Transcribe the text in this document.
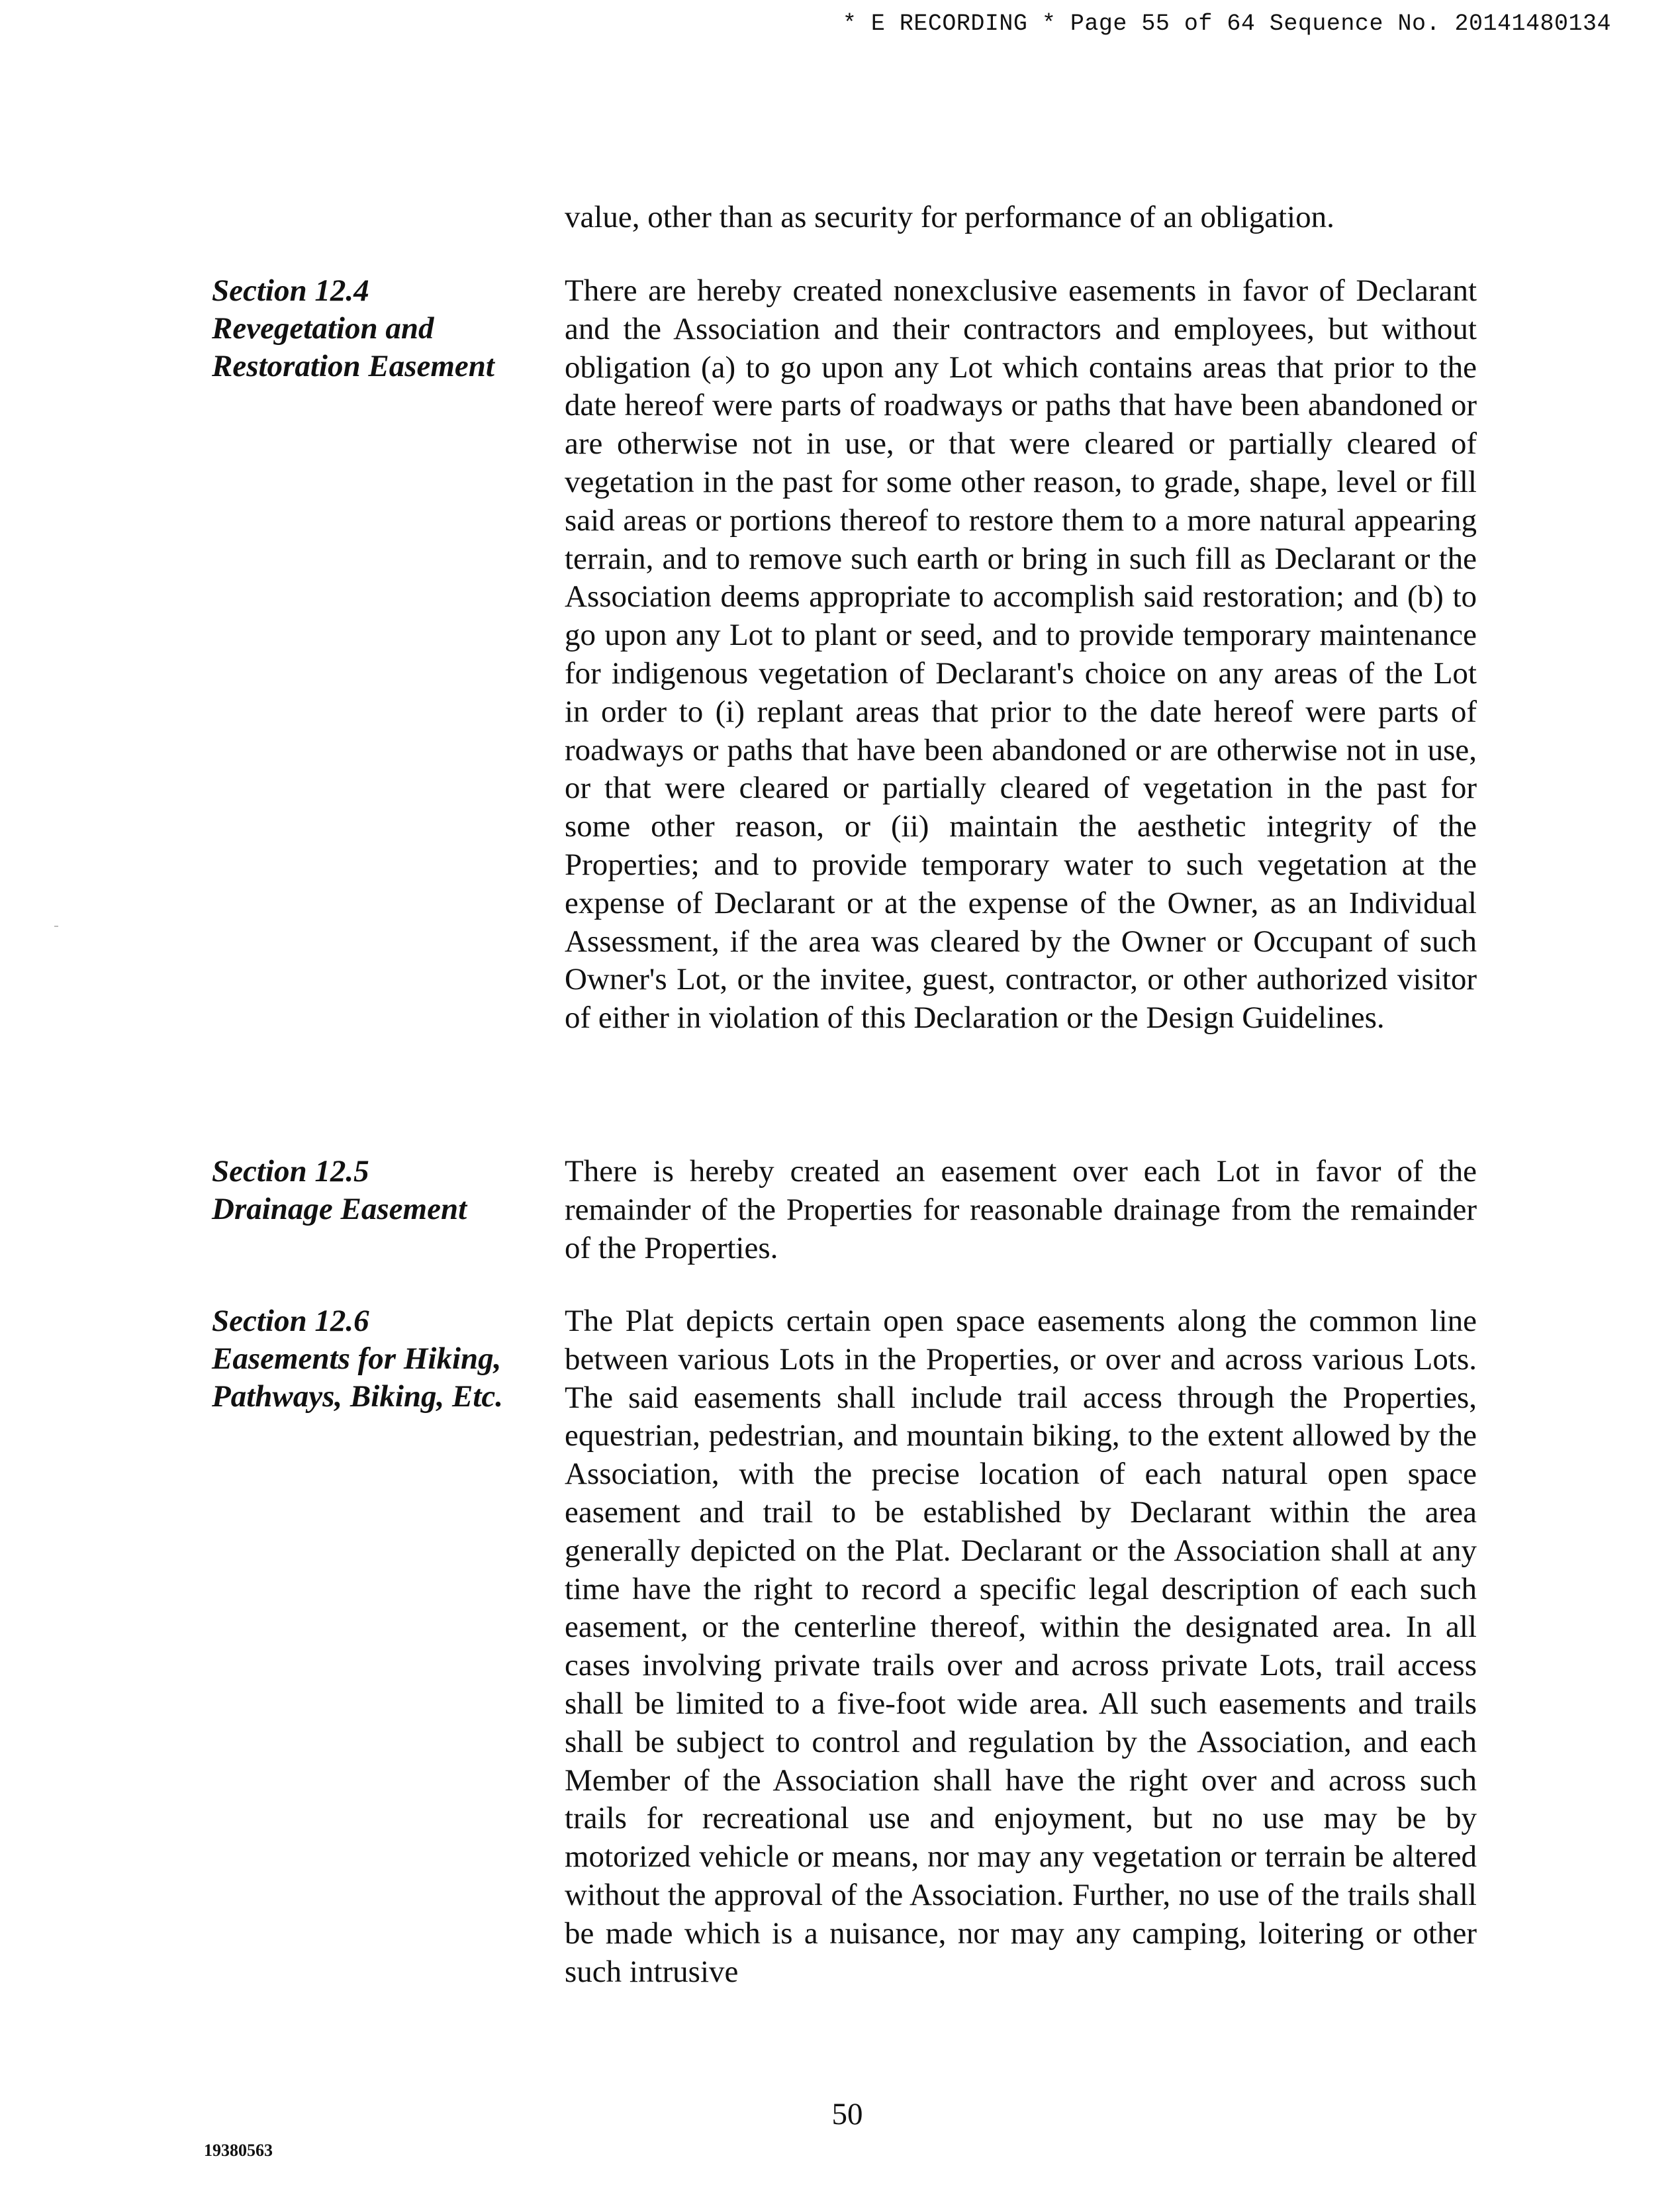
* E RECORDING * Page 55 of 64 Sequence No. 20141480134
value, other than as security for performance of an obligation.
Section 12.4
Revegetation and
Restoration Easement
There are hereby created nonexclusive easements in favor of Declarant and the Association and their contractors and employees, but without obligation (a) to go upon any Lot which contains areas that prior to the date hereof were parts of roadways or paths that have been abandoned or are otherwise not in use, or that were cleared or partially cleared of vegetation in the past for some other reason, to grade, shape, level or fill said areas or portions thereof to restore them to a more natural appearing terrain, and to remove such earth or bring in such fill as Declarant or the Association deems appropriate to accomplish said restoration; and (b) to go upon any Lot to plant or seed, and to provide temporary maintenance for indigenous vegetation of Declarant's choice on any areas of the Lot in order to (i) replant areas that prior to the date hereof were parts of roadways or paths that have been abandoned or are otherwise not in use, or that were cleared or partially cleared of vegetation in the past for some other reason, or (ii) maintain the aesthetic integrity of the Properties; and to provide temporary water to such vegetation at the expense of Declarant or at the expense of the Owner, as an Individual Assessment, if the area was cleared by the Owner or Occupant of such Owner's Lot, or the invitee, guest, contractor, or other authorized visitor of either in violation of this Declaration or the Design Guidelines.
Section 12.5
Drainage Easement
There is hereby created an easement over each Lot in favor of the remainder of the Properties for reasonable drainage from the remainder of the Properties.
Section 12.6
Easements for Hiking,
Pathways, Biking, Etc.
The Plat depicts certain open space easements along the common line between various Lots in the Properties, or over and across various Lots. The said easements shall include trail access through the Properties, equestrian, pedestrian, and mountain biking, to the extent allowed by the Association, with the precise location of each natural open space easement and trail to be established by Declarant within the area generally depicted on the Plat. Declarant or the Association shall at any time have the right to record a specific legal description of each such easement, or the centerline thereof, within the designated area. In all cases involving private trails over and across private Lots, trail access shall be limited to a five-foot wide area. All such easements and trails shall be subject to control and regulation by the Association, and each Member of the Association shall have the right over and across such trails for recreational use and enjoyment, but no use may be by motorized vehicle or means, nor may any vegetation or terrain be altered without the approval of the Association. Further, no use of the trails shall be made which is a nuisance, nor may any camping, loitering or other such intrusive
19380563
50
